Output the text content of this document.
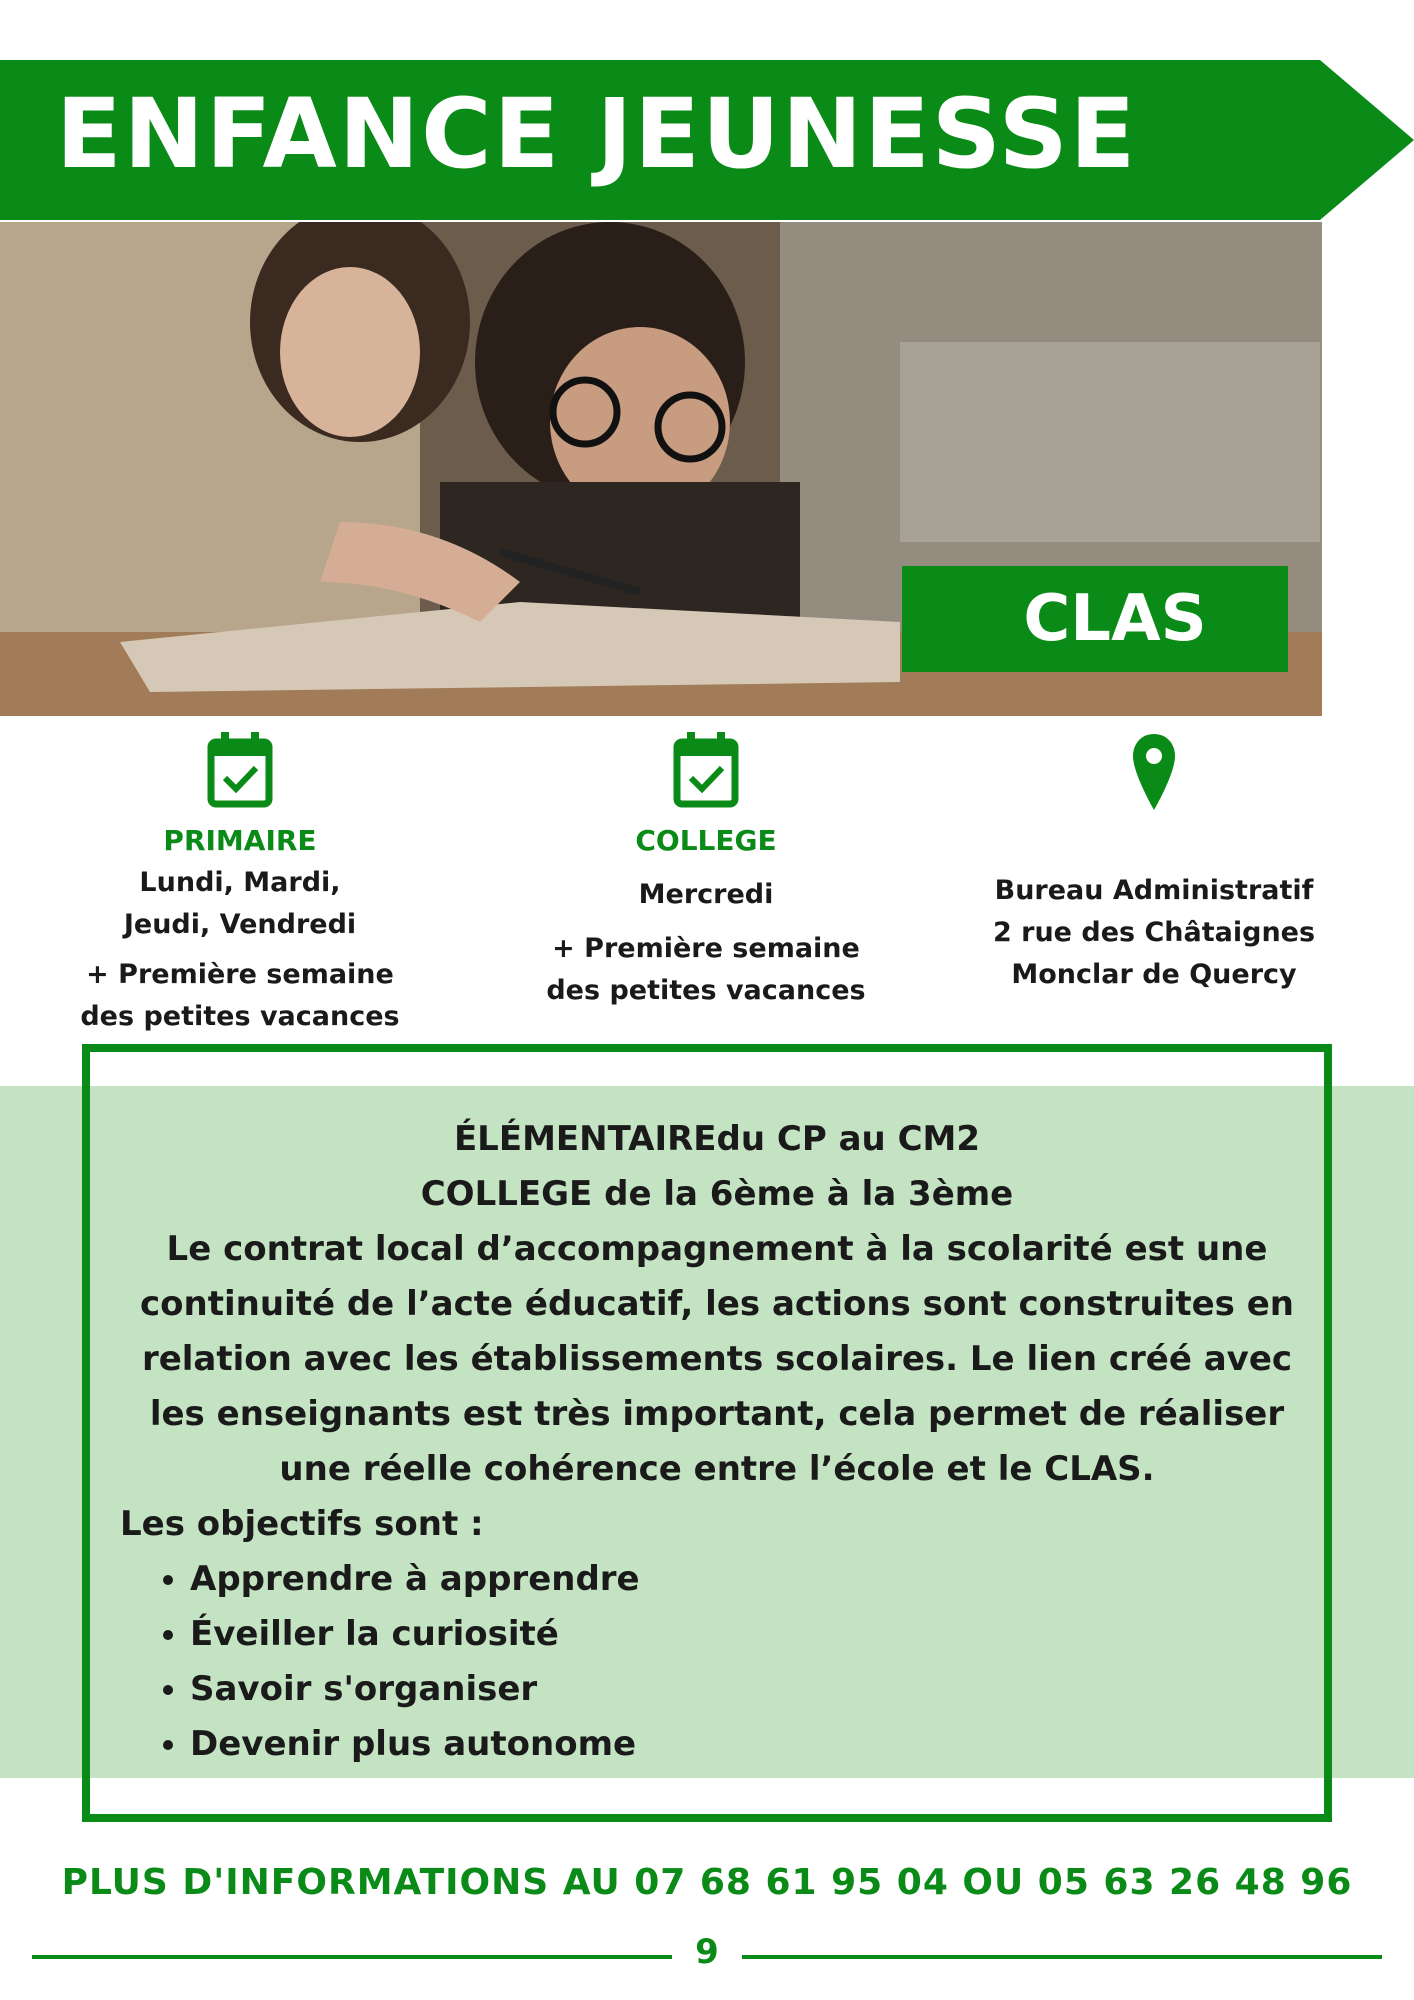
ENFANCE JEUNESSE
CLAS
PRIMAIRE
Lundi, Mardi,
Jeudi, Vendredi
+ Première semaine
des petites vacances
COLLEGE
Mercredi
+ Première semaine
des petites vacances
Bureau Administratif
2 rue des Châtaignes
Monclar de Quercy
ÉLÉMENTAIREdu CP au CM2
COLLEGE de la 6ème à la 3ème
Le contrat local d’accompagnement à la scolarité est une continuité de l’acte éducatif, les actions sont construites en relation avec les établissements scolaires. Le lien créé avec les enseignants est très important, cela permet de réaliser une réelle cohérence entre l’école et le CLAS.
Les objectifs sont :
• Apprendre à apprendre
• Éveiller la curiosité
• Savoir s'organiser
• Devenir plus autonome
PLUS D'INFORMATIONS AU 07 68 61 95 04 OU 05 63 26 48 96
9
